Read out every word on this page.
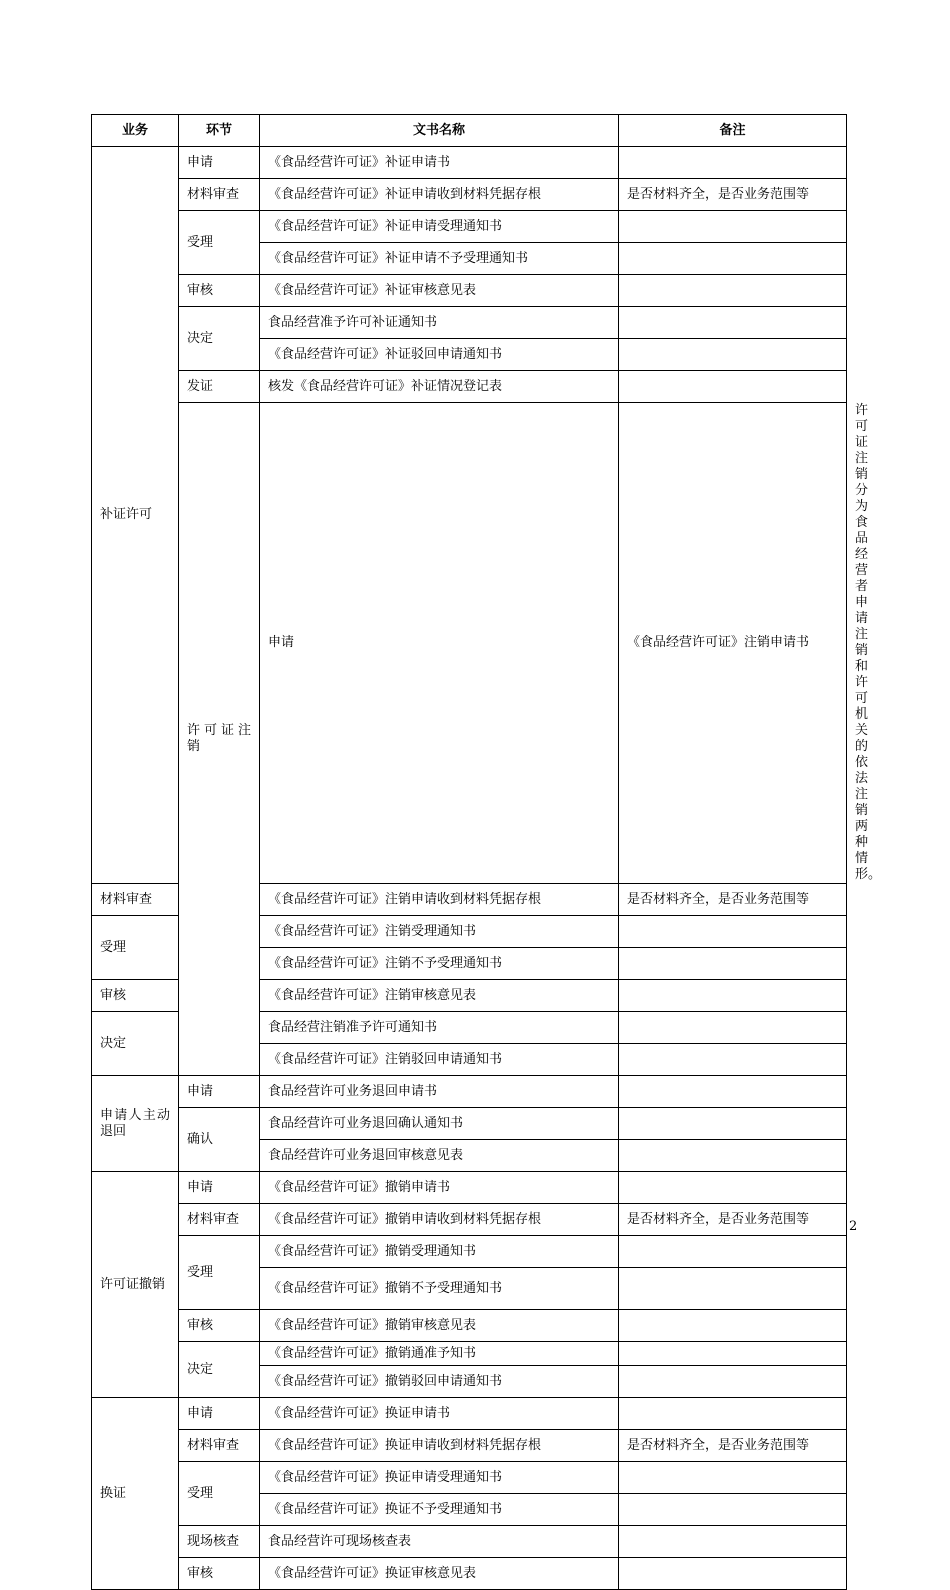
业务	环节	文书名称	备注	
补证许可	申请	《食品经营许可证》补证申请书		
	材料审查	《食品经营许可证》补证申请收到材料凭据存根	是否材料齐全，是否业务范围等	
	受理	《食品经营许可证》补证申请受理通知书		
		《食品经营许可证》补证申请不予受理通知书		
	审核	《食品经营许可证》补证审核意见表		
	决定	食品经营准予许可补证通知书		
		《食品经营许可证》补证驳回申请通知书		
	发证	核发《食品经营许可证》补证情况登记表		
	许可证注销	申请	《食品经营许可证》注销申请书	许可证注销分为食品经营者申请注销和许可机关的依法注销两种情形。
材料审查		《食品经营许可证》注销申请收到材料凭据存根	是否材料齐全，是否业务范围等	
受理		《食品经营许可证》注销受理通知书		
		《食品经营许可证》注销不予受理通知书		
审核		《食品经营许可证》注销审核意见表		
决定		食品经营注销准予许可通知书		
		《食品经营许可证》注销驳回申请通知书		
申请人主动退回	申请	食品经营许可业务退回申请书		
	确认	食品经营许可业务退回确认通知书		
		食品经营许可业务退回审核意见表		
许可证撤销	申请	《食品经营许可证》撤销申请书		
	材料审查	《食品经营许可证》撤销申请收到材料凭据存根	是否材料齐全，是否业务范围等	
	受理	《食品经营许可证》撤销受理通知书		
		《食品经营许可证》撤销不予受理通知书		
	审核	《食品经营许可证》撤销审核意见表		
	决定	《食品经营许可证》撤销通准予知书		
		《食品经营许可证》撤销驳回申请通知书		
换证	申请	《食品经营许可证》换证申请书		
	材料审查	《食品经营许可证》换证申请收到材料凭据存根	是否材料齐全，是否业务范围等	
	受理	《食品经营许可证》换证申请受理通知书		
		《食品经营许可证》换证不予受理通知书		
	现场核查	食品经营许可现场核查表		
	审核	《食品经营许可证》换证审核意见表		
2
